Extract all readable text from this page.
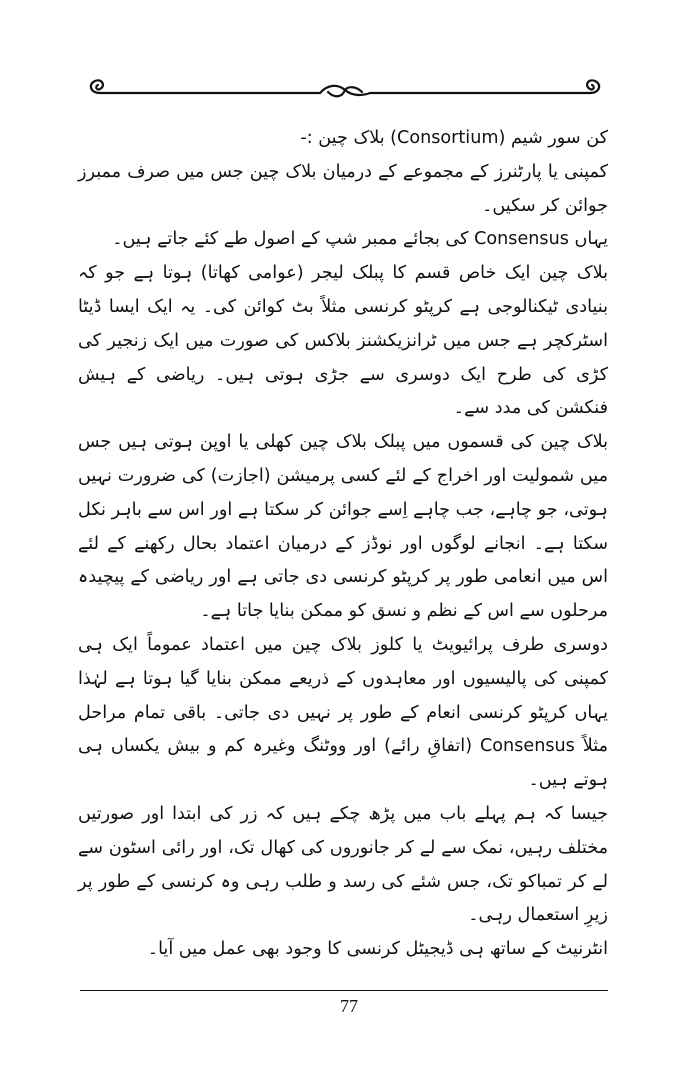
کن سور شیم (Consortium) بلاک چین :-

کمپنی یا پارٹنرز کے مجموعے کے درمیان بلاک چین جس میں صرف ممبرز جوائن کر سکیں۔

یہاں Consensus کی بجائے ممبر شپ کے اصول طے کئے جاتے ہیں۔

بلاک چین ایک خاص قسم کا پبلک لیجر (عوامی کھاتا) ہوتا ہے جو کہ بنیادی ٹیکنالوجی ہے کرپٹو کرنسی مثلاً بٹ کوائن کی۔ یہ ایک ایسا ڈیٹا اسٹرکچر ہے جس میں ٹرانزیکشنز بلاکس کی صورت میں ایک زنجیر کی کڑی کی طرح ایک دوسری سے جڑی ہوتی ہیں۔ ریاضی کے ہیش فنکشن کی مدد سے۔

بلاک چین کی قسموں میں پبلک بلاک چین کھلی یا اوپن ہوتی ہیں جس میں شمولیت اور اخراج کے لئے کسی پرمیشن (اجازت) کی ضرورت نہیں ہوتی، جو چاہے، جب چاہے اِسے جوائن کر سکتا ہے اور اس سے باہر نکل سکتا ہے۔ انجانے لوگوں اور نوڈز کے درمیان اعتماد بحال رکھنے کے لئے اس میں انعامی طور پر کرپٹو کرنسی دی جاتی ہے اور ریاضی کے پیچیدہ مرحلوں سے اس کے نظم و نسق کو ممکن بنایا جاتا ہے۔

دوسری طرف پرائیویٹ یا کلوز بلاک چین میں اعتماد عموماً ایک ہی کمپنی کی پالیسیوں اور معاہدوں کے ذریعے ممکن بنایا گیا ہوتا ہے لہٰذا یہاں کرپٹو کرنسی انعام کے طور پر نہیں دی جاتی۔ باقی تمام مراحل مثلاً Consensus (اتفاقِ رائے) اور ووٹنگ وغیرہ کم و بیش یکساں ہی ہوتے ہیں۔

جیسا کہ ہم پہلے باب میں پڑھ چکے ہیں کہ زر کی ابتدا اور صورتیں مختلف رہیں، نمک سے لے کر جانوروں کی کھال تک، اور رائی اسٹون سے لے کر تمباکو تک، جس شئے کی رسد و طلب رہی وہ کرنسی کے طور پر زیرِ استعمال رہی۔

انٹرنیٹ کے ساتھ ہی ڈیجیٹل کرنسی کا وجود بھی عمل میں آیا۔

77
